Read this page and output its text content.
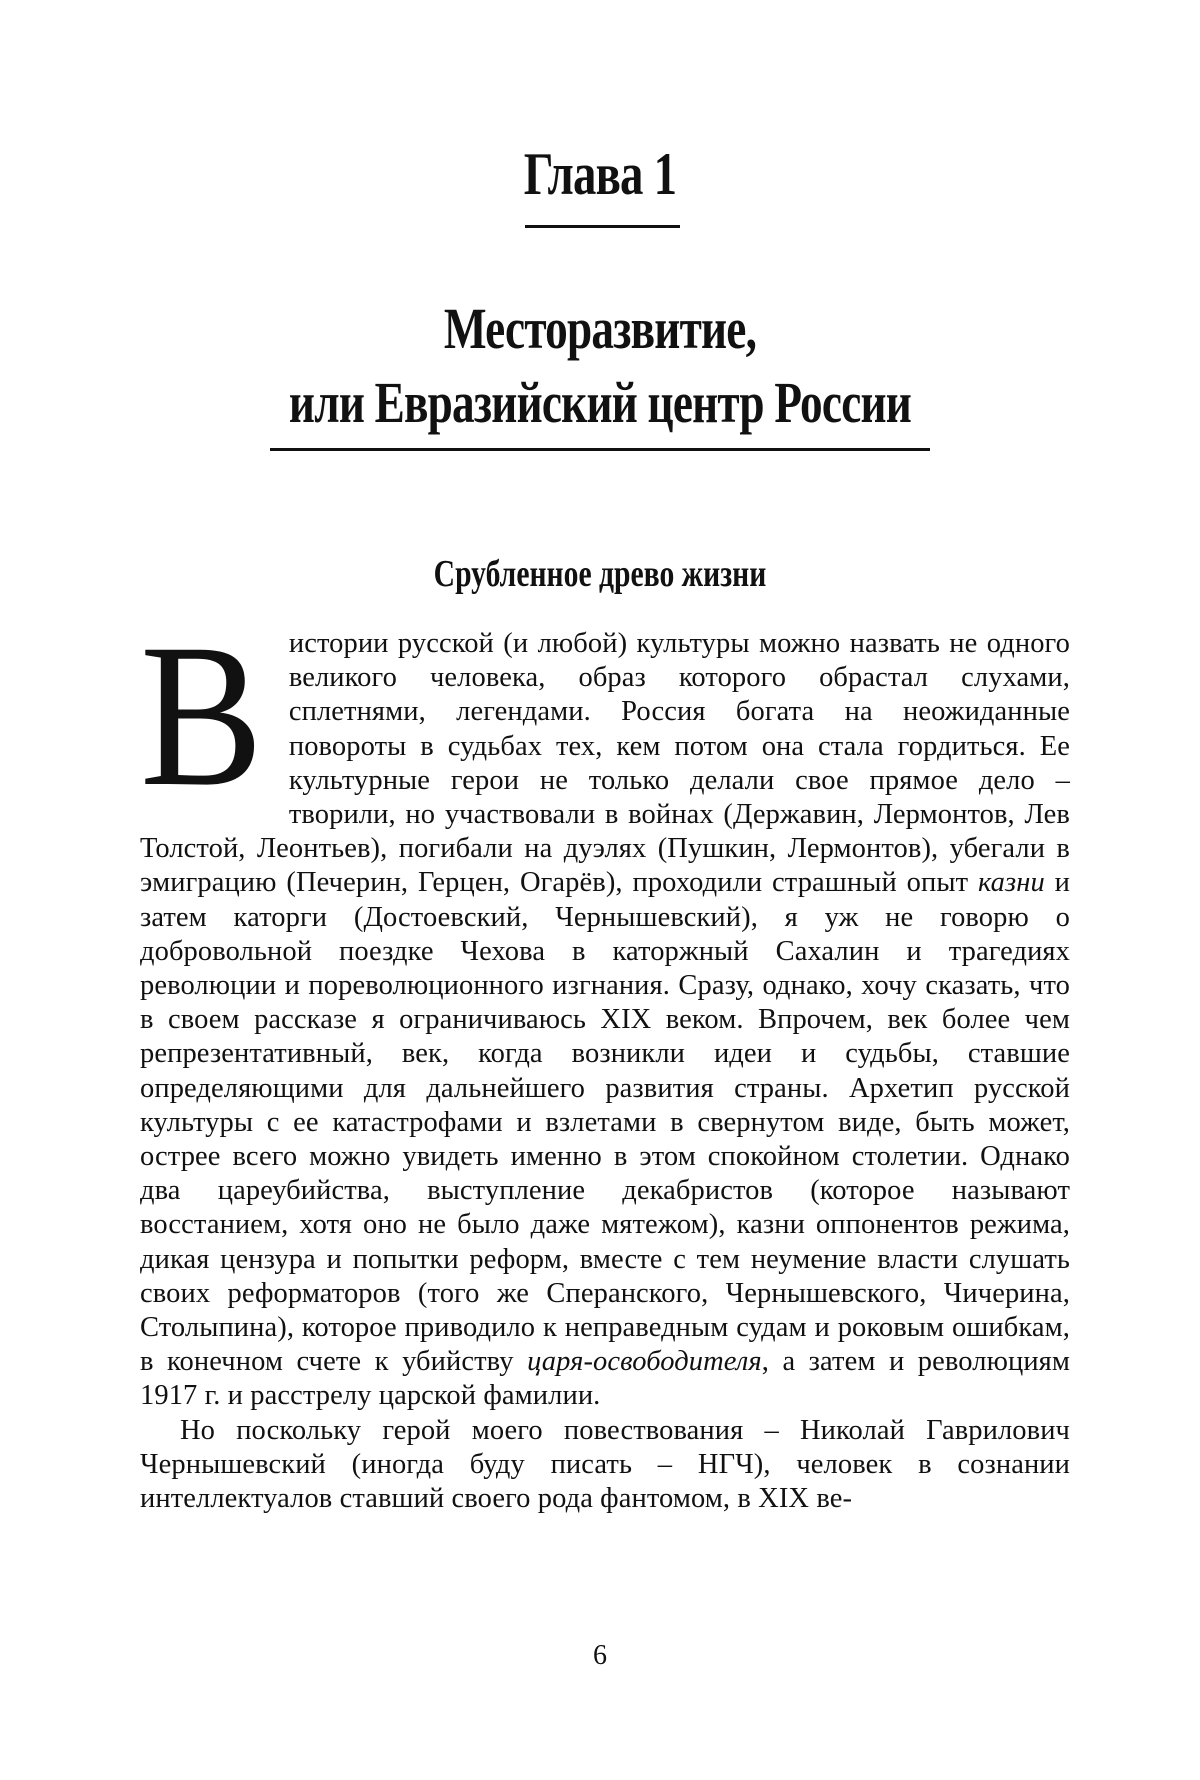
Глава 1
Месторазвитие,
или Евразийский центр России
Срубленное древо жизни

В истории русской (и любой) культуры можно назвать не одного великого человека, образ которого обрастал слухами, сплетнями, легендами. Россия богата на неожиданные повороты в судьбах тех, кем потом она стала гордиться. Ее культурные герои не только делали свое прямое дело – творили, но участвовали в войнах (Державин, Лермонтов, Лев Толстой, Леонтьев), погибали на дуэлях (Пушкин, Лермонтов), убегали в эмиграцию (Печерин, Герцен, Огарёв), проходили страшный опыт казни и затем каторги (Достоевский, Чернышевский), я уж не говорю о добровольной поездке Чехова в каторжный Сахалин и трагедиях революции и пореволюционного изгнания. Сразу, однако, хочу сказать, что в своем рассказе я ограничиваюсь XIX веком. Впрочем, век более чем репрезентативный, век, когда возникли идеи и судьбы, ставшие определяющими для дальнейшего развития страны. Архетип русской культуры с ее катастрофами и взлетами в свернутом виде, быть может, острее всего можно увидеть именно в этом спокойном столетии. Однако два цареубийства, выступление декабристов (которое называют восстанием, хотя оно не было даже мятежом), казни оппонентов режима, дикая цензура и попытки реформ, вместе с тем неумение власти слушать своих реформаторов (того же Сперанского, Чернышевского, Чичерина, Столыпина), которое приводило к неправедным судам и роковым ошибкам, в конечном счете к убийству царя-освободителя, а затем и революциям 1917 г. и расстрелу царской фамилии.

Но поскольку герой моего повествования – Николай Гаврилович Чернышевский (иногда буду писать – НГЧ), человек в сознании интеллектуалов ставший своего рода фантомом, в XIX ве-

6
